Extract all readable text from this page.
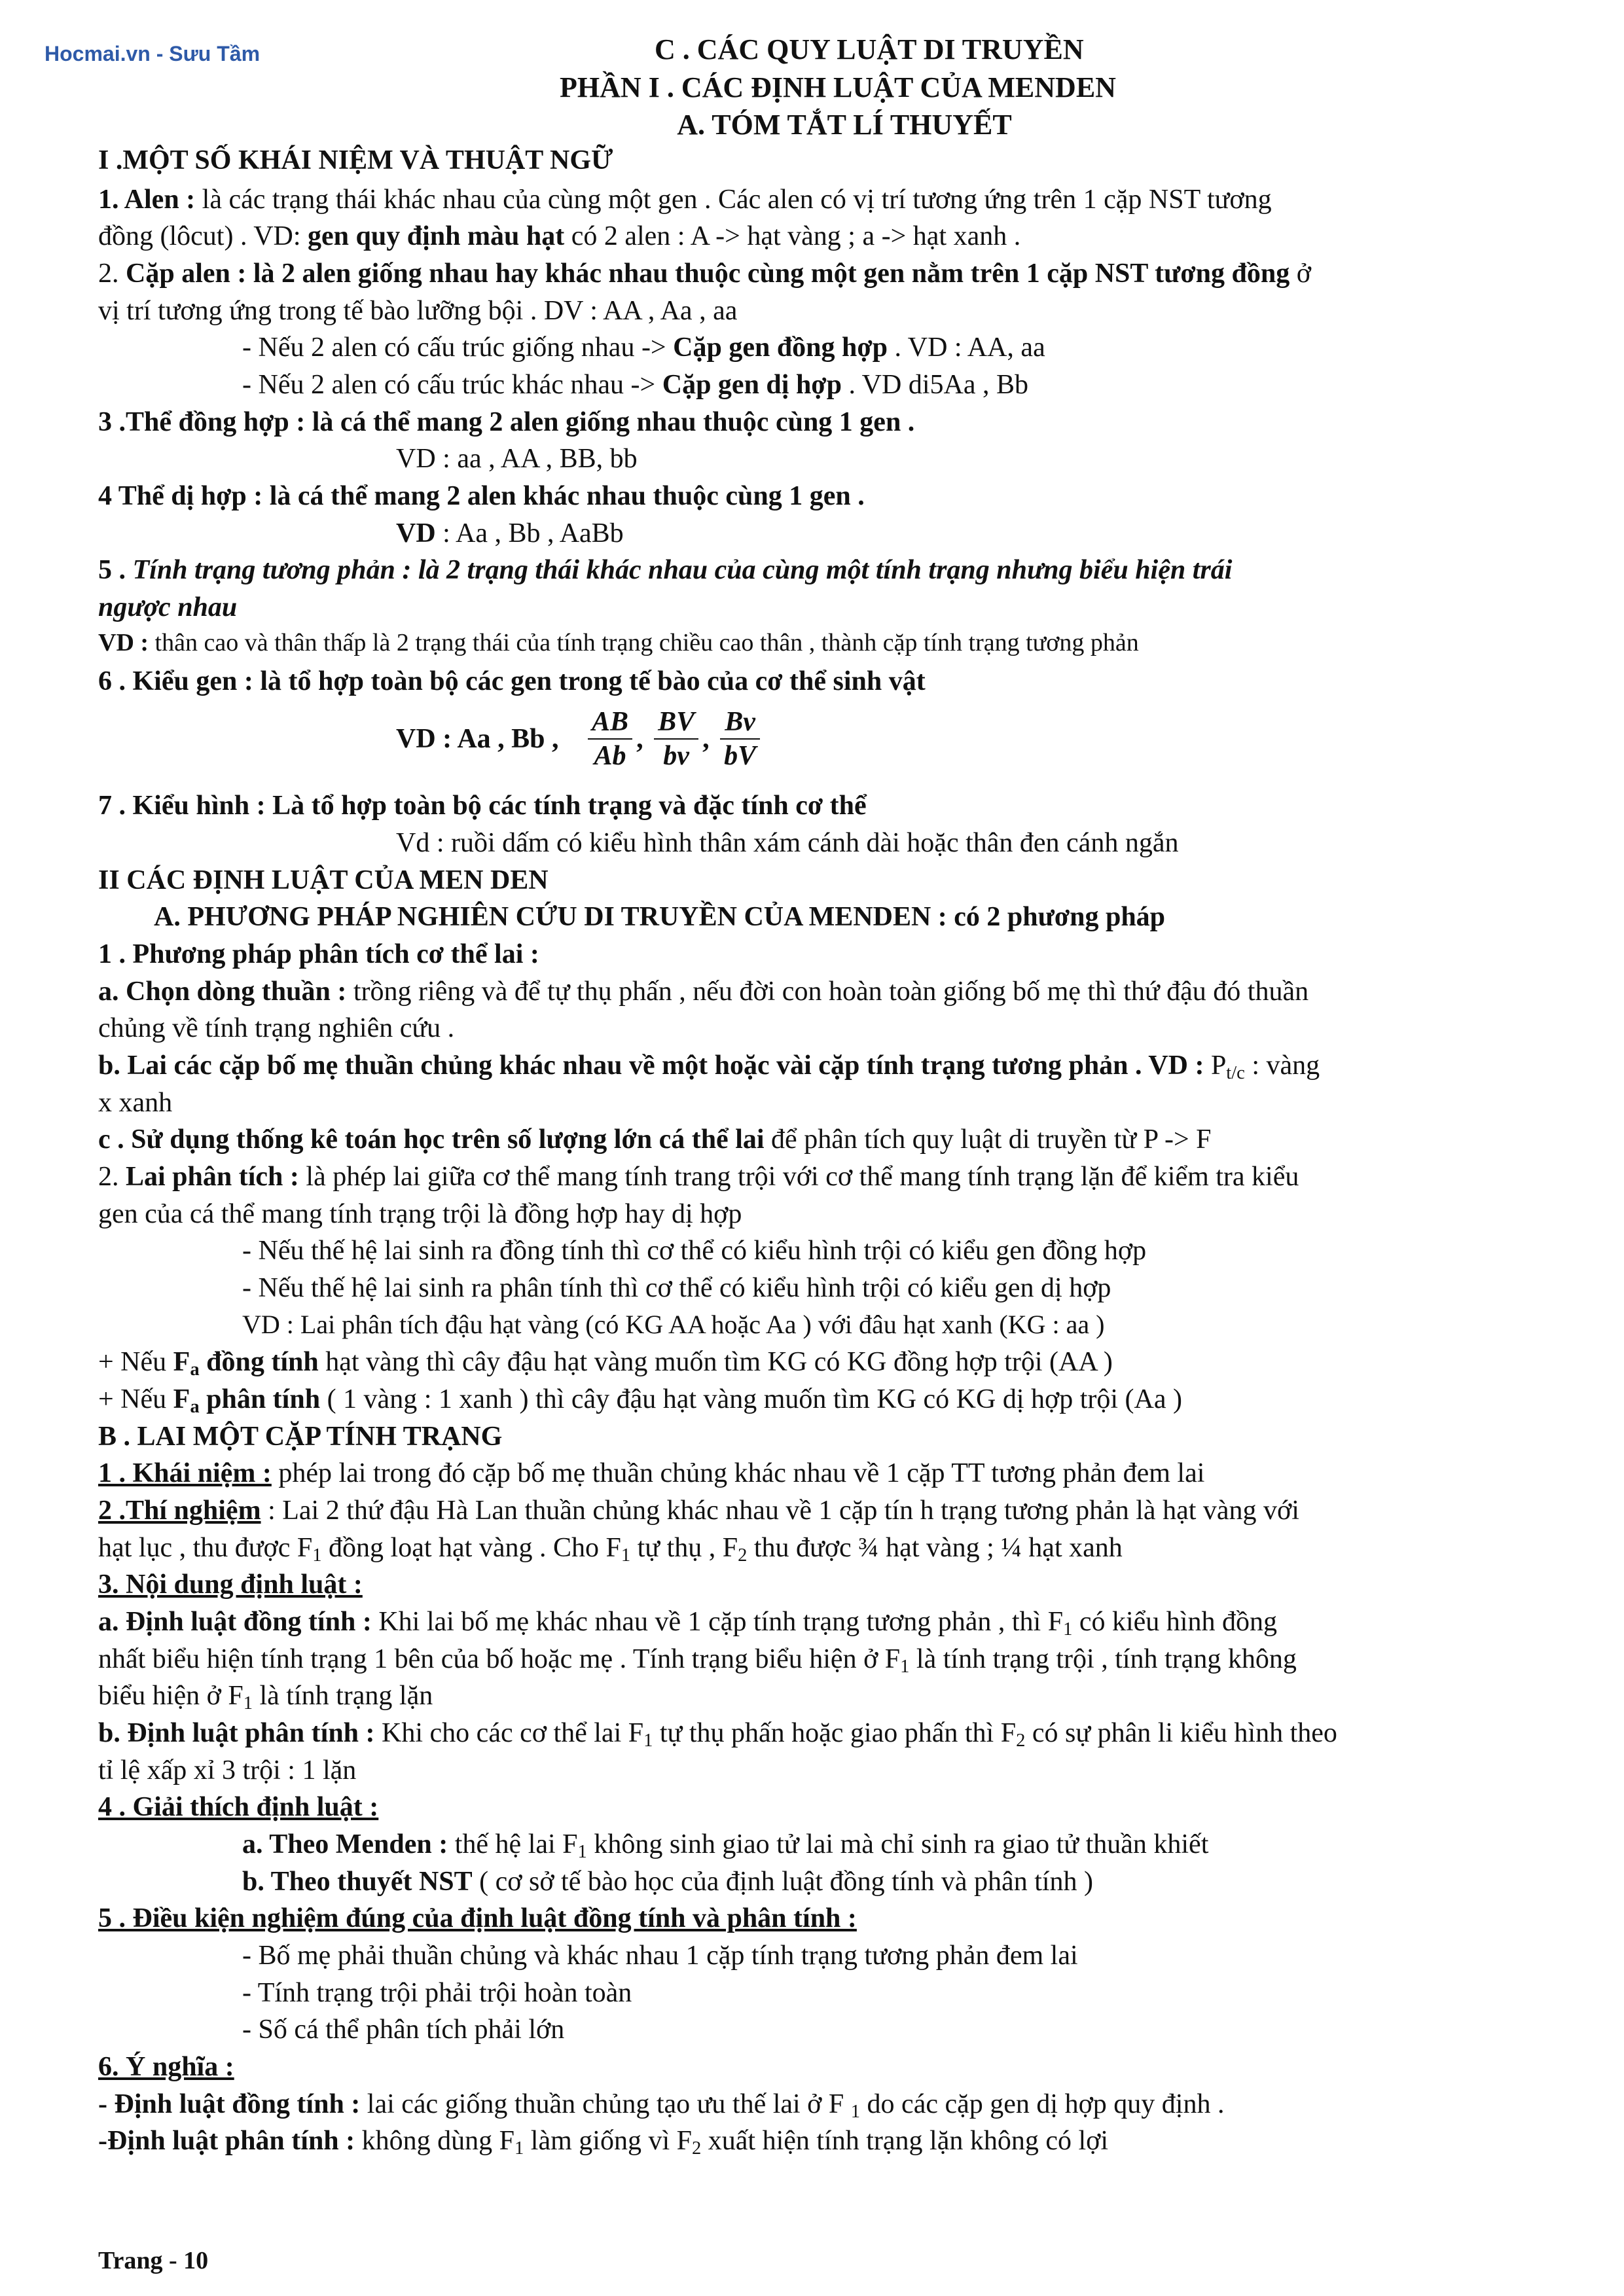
Hocmai.vn - Sưu Tầm	C . CÁC QUY LUẬT DI TRUYỀN
PHẦN I . CÁC ĐỊNH LUẬT CỦA MENDEN
A. TÓM TẮT LÍ THUYẾT
I .MỘT SỐ KHÁI NIỆM VÀ THUẬT NGỮ
1. Alen : là các trạng thái khác nhau của cùng một gen . Các alen có vị trí tương ứng trên 1 cặp NST tương
đồng (lôcut) . VD: gen quy định màu hạt có 2 alen : A -> hạt vàng ; a -> hạt xanh .
2. Cặp alen : là 2 alen giống nhau hay khác nhau thuộc cùng một gen nằm trên 1 cặp NST tương đồng ở
vị trí tương ứng trong tế bào lưỡng bội . DV : AA , Aa , aa
- Nếu 2 alen có cấu trúc giống nhau -> Cặp gen đồng hợp . VD : AA, aa
- Nếu 2 alen có cấu trúc khác nhau -> Cặp gen dị hợp . VD di5Aa , Bb
3 .Thể đồng hợp : là cá thể mang 2 alen giống nhau thuộc cùng 1 gen .
VD : aa , AA , BB, bb
4 Thể dị hợp : là cá thể mang 2 alen khác nhau thuộc cùng 1 gen .
VD : Aa , Bb , AaBb
5 . Tính trạng tương phản : là 2 trạng thái khác nhau của cùng một tính trạng nhưng biểu hiện trái
ngược nhau
VD : thân cao và thân thấp là 2 trạng thái của tính trạng chiều cao thân , thành cặp tính trạng tương phản
6 . Kiểu gen : là tổ hợp toàn bộ các gen trong tế bào của cơ thể sinh vật
VD : Aa , Bb , $\frac{AB}{Ab}$ , $\frac{BV}{bv}$ , $\frac{Bv}{bV}$
7 . Kiểu hình : Là tổ hợp toàn bộ các tính trạng và đặc tính cơ thể
Vd : ruồi dấm có kiểu hình thân xám cánh dài hoặc thân đen cánh ngắn
II CÁC ĐỊNH LUẬT CỦA MEN DEN
A. PHƯƠNG PHÁP NGHIÊN CỨU DI TRUYỀN CỦA MENDEN : có 2 phương pháp
1 . Phương pháp phân tích cơ thể lai :
a. Chọn dòng thuần : trồng riêng và để tự thụ phấn , nếu đời con hoàn toàn giống bố mẹ thì thứ đậu đó thuần
chủng về tính trạng nghiên cứu .
b. Lai các cặp bố mẹ thuần chủng khác nhau về một hoặc vài cặp tính trạng tương phản . VD : $P_{t/c}$ : vàng
x xanh
c . Sử dụng thống kê toán học trên số lượng lớn cá thể lai để phân tích quy luật di truyền từ P -> F
2. Lai phân tích : là phép lai giữa cơ thể mang tính trang trội với cơ thể mang tính trạng lặn để kiểm tra kiểu
gen của cá thể mang tính trạng trội là đồng hợp hay dị hợp
- Nếu thế hệ lai sinh ra đồng tính thì cơ thể có kiểu hình trội có kiểu gen đồng hợp
- Nếu thế hệ lai sinh ra phân tính thì cơ thể có kiểu hình trội có kiểu gen dị hợp
VD : Lai phân tích đậu hạt vàng (có KG AA hoặc Aa ) với đâu hạt xanh (KG : aa )
+ Nếu $F_a$ đồng tính hạt vàng thì cây đậu hạt vàng muốn tìm KG có KG đồng hợp trội (AA )
+ Nếu $F_a$ phân tính ( 1 vàng : 1 xanh ) thì cây đậu hạt vàng muốn tìm KG có KG dị hợp trội (Aa )
B . LAI MỘT CẶP TÍNH TRẠNG
1 . Khái niệm : phép lai trong đó cặp bố mẹ thuần chủng khác nhau về 1 cặp TT tương phản đem lai
2 .Thí nghiệm : Lai 2 thứ đậu Hà Lan thuần chủng khác nhau về 1 cặp tín h trạng tương phản là hạt vàng với
hạt lục , thu được $F_1$ đồng loạt hạt vàng . Cho $F_1$ tự thụ , $F_2$ thu được ¾ hạt vàng ; ¼ hạt xanh
3. Nội dung định luật :
a. Định luật đồng tính : Khi lai bố mẹ khác nhau về 1 cặp tính trạng tương phản , thì $F_1$ có kiểu hình đồng
nhất biểu hiện tính trạng 1 bên của bố hoặc mẹ . Tính trạng biểu hiện ở $F_1$ là tính trạng trội , tính trạng không
biểu hiện ở $F_1$ là tính trạng lặn
b. Định luật phân tính : Khi cho các cơ thể lai $F_1$ tự thụ phấn hoặc giao phấn thì $F_2$ có sự phân li kiểu hình theo
tỉ lệ xấp xỉ 3 trội : 1 lặn
4 . Giải thích định luật :
a. Theo Menden : thế hệ lai $F_1$ không sinh giao tử lai mà chỉ sinh ra giao tử thuần khiết
b. Theo thuyết NST ( cơ sở tế bào học của định luật đồng tính và phân tính )
5 . Điều kiện nghiệm đúng của định luật đồng tính và phân tính :
- Bố mẹ phải thuần chủng và khác nhau 1 cặp tính trạng tương phản đem lai
- Tính trạng trội phải trội hoàn toàn
- Số cá thể phân tích phải lớn
6. Ý nghĩa :
- Định luật đồng tính : lai các giống thuần chủng tạo ưu thế lai ở F $_1$ do các cặp gen dị hợp quy định .
-Định luật phân tính : không dùng $F_1$ làm giống vì $F_2$ xuất hiện tính trạng lặn không có lợi
Trang - 10
